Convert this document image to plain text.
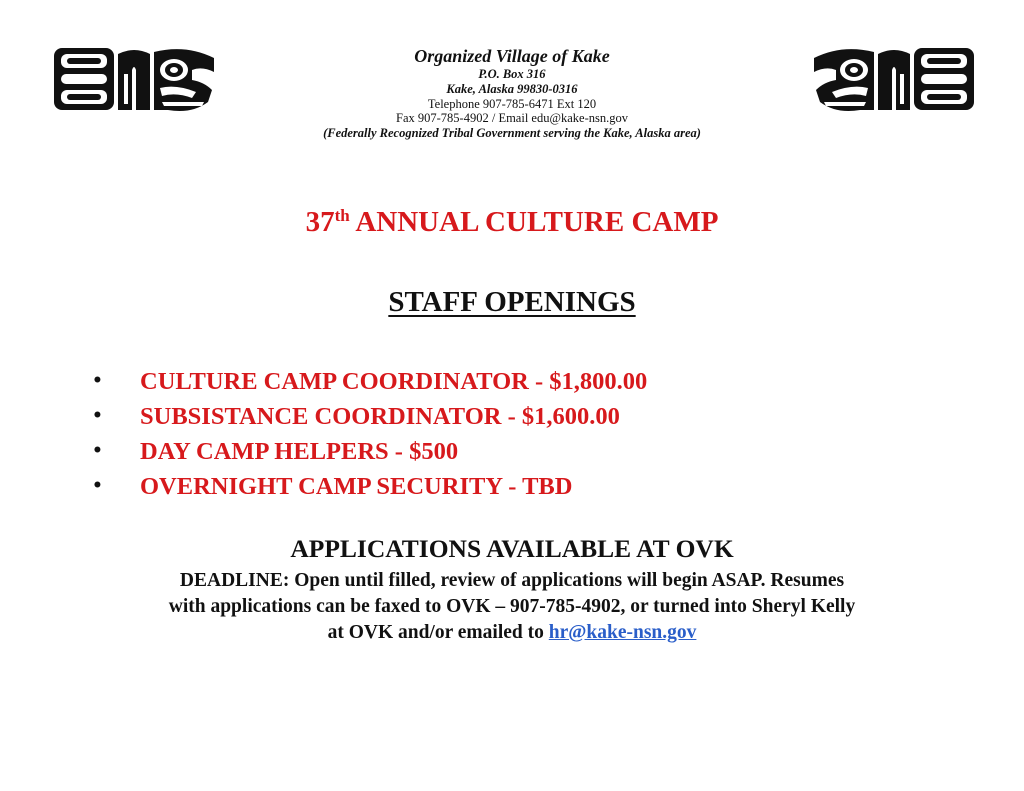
Organized Village of Kake
P.O. Box 316
Kake, Alaska 99830-0316
Telephone 907-785-6471 Ext 120
Fax 907-785-4902 / Email edu@kake-nsn.gov
(Federally Recognized Tribal Government serving the Kake, Alaska area)
37th ANNUAL CULTURE CAMP
STAFF OPENINGS
• CULTURE CAMP COORDINATOR - $1,800.00
• SUBSISTANCE COORDINATOR - $1,600.00
• DAY CAMP HELPERS - $500
• OVERNIGHT CAMP SECURITY - TBD
APPLICATIONS AVAILABLE AT OVK
DEADLINE: Open until filled, review of applications will begin ASAP. Resumes
with applications can be faxed to OVK – 907-785-4902, or turned into Sheryl Kelly
at OVK and/or emailed to hr@kake-nsn.gov
